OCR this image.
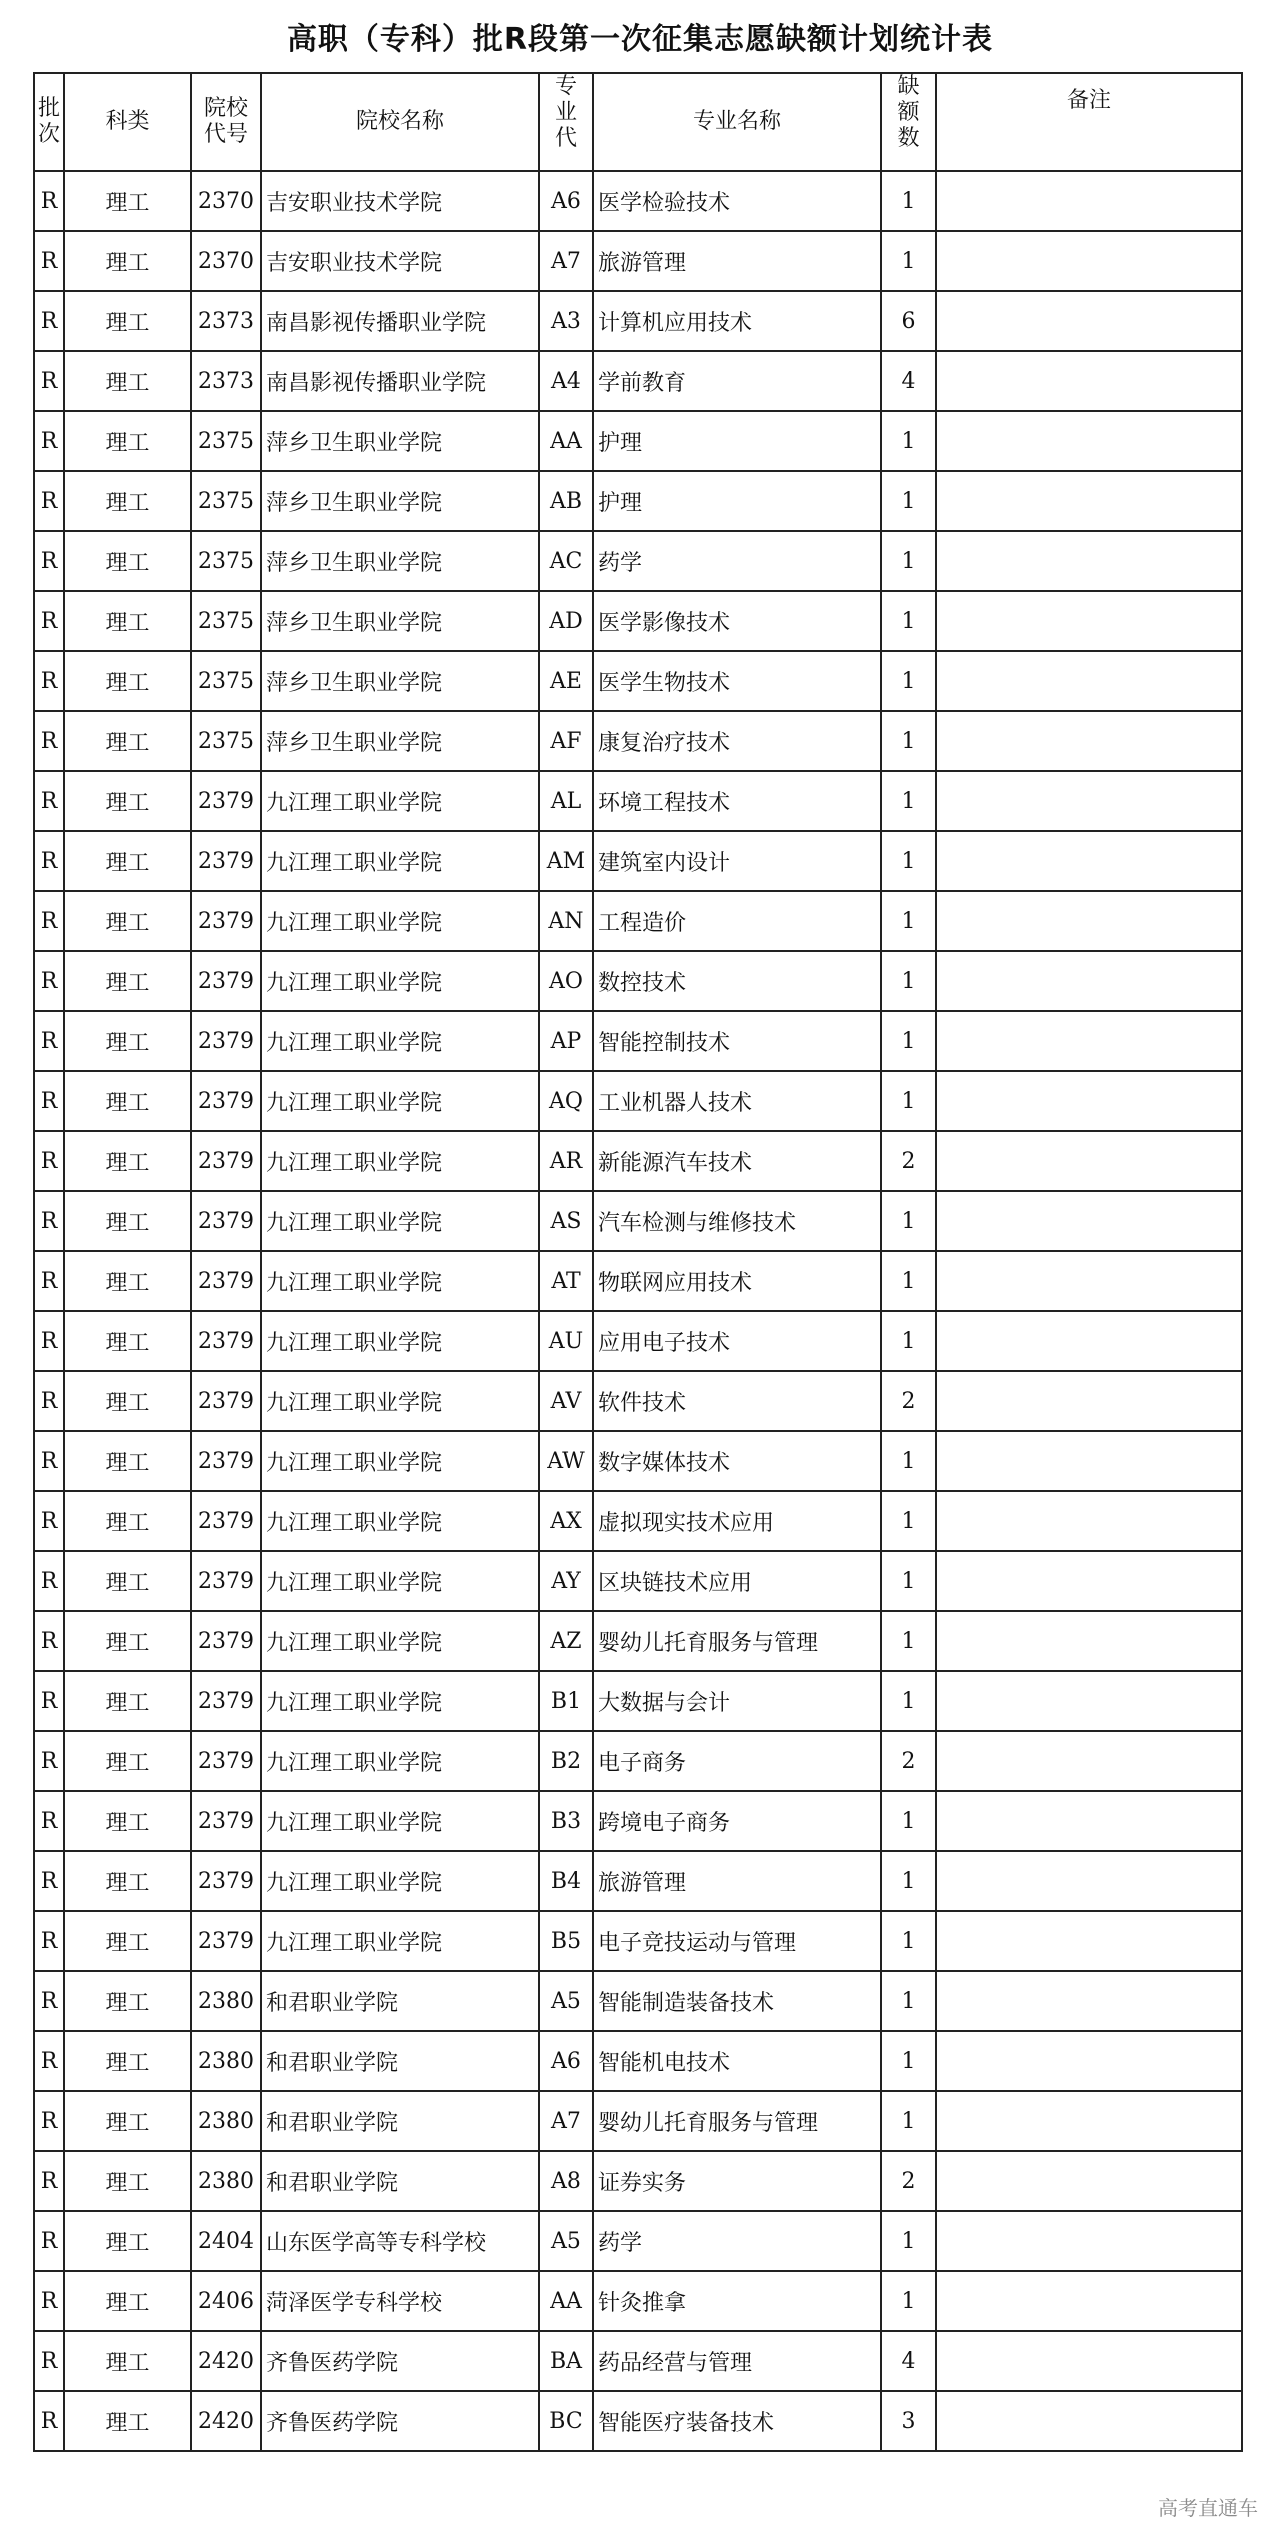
高职（专科）批R段第一次征集志愿缺额计划统计表
批次	科类	院校代号	院校名称	专业代	专业名称	缺额数	备注
R	理工	2370	吉安职业技术学院	A6	医学检验技术	1	
R	理工	2370	吉安职业技术学院	A7	旅游管理	1	
R	理工	2373	南昌影视传播职业学院	A3	计算机应用技术	6	
R	理工	2373	南昌影视传播职业学院	A4	学前教育	4	
R	理工	2375	萍乡卫生职业学院	AA	护理	1	
R	理工	2375	萍乡卫生职业学院	AB	护理	1	
R	理工	2375	萍乡卫生职业学院	AC	药学	1	
R	理工	2375	萍乡卫生职业学院	AD	医学影像技术	1	
R	理工	2375	萍乡卫生职业学院	AE	医学生物技术	1	
R	理工	2375	萍乡卫生职业学院	AF	康复治疗技术	1	
R	理工	2379	九江理工职业学院	AL	环境工程技术	1	
R	理工	2379	九江理工职业学院	AM	建筑室内设计	1	
R	理工	2379	九江理工职业学院	AN	工程造价	1	
R	理工	2379	九江理工职业学院	AO	数控技术	1	
R	理工	2379	九江理工职业学院	AP	智能控制技术	1	
R	理工	2379	九江理工职业学院	AQ	工业机器人技术	1	
R	理工	2379	九江理工职业学院	AR	新能源汽车技术	2	
R	理工	2379	九江理工职业学院	AS	汽车检测与维修技术	1	
R	理工	2379	九江理工职业学院	AT	物联网应用技术	1	
R	理工	2379	九江理工职业学院	AU	应用电子技术	1	
R	理工	2379	九江理工职业学院	AV	软件技术	2	
R	理工	2379	九江理工职业学院	AW	数字媒体技术	1	
R	理工	2379	九江理工职业学院	AX	虚拟现实技术应用	1	
R	理工	2379	九江理工职业学院	AY	区块链技术应用	1	
R	理工	2379	九江理工职业学院	AZ	婴幼儿托育服务与管理	1	
R	理工	2379	九江理工职业学院	B1	大数据与会计	1	
R	理工	2379	九江理工职业学院	B2	电子商务	2	
R	理工	2379	九江理工职业学院	B3	跨境电子商务	1	
R	理工	2379	九江理工职业学院	B4	旅游管理	1	
R	理工	2379	九江理工职业学院	B5	电子竞技运动与管理	1	
R	理工	2380	和君职业学院	A5	智能制造装备技术	1	
R	理工	2380	和君职业学院	A6	智能机电技术	1	
R	理工	2380	和君职业学院	A7	婴幼儿托育服务与管理	1	
R	理工	2380	和君职业学院	A8	证券实务	2	
R	理工	2404	山东医学高等专科学校	A5	药学	1	
R	理工	2406	菏泽医学专科学校	AA	针灸推拿	1	
R	理工	2420	齐鲁医药学院	BA	药品经营与管理	4	
R	理工	2420	齐鲁医药学院	BC	智能医疗装备技术	3	
高考直通车
